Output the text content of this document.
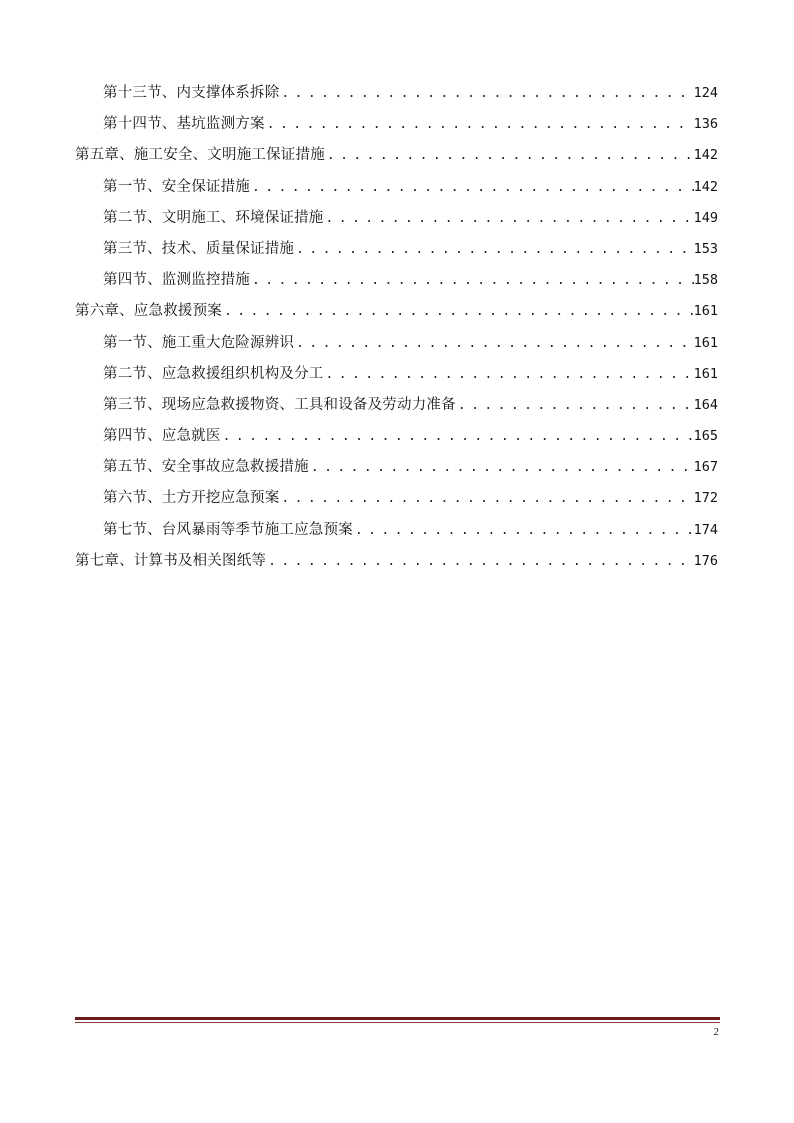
第十三节、内支撑体系拆除 . . .	124
第十四节、基坑监测方案 . . .	136
第五章、施工安全、文明施工保证措施 . . .	142
第一节、安全保证措施 . . .	142
第二节、文明施工、环境保证措施 . . .	149
第三节、技术、质量保证措施 . . .	153
第四节、监测监控措施 . . .	158
第六章、应急救援预案 . . .	161
第一节、施工重大危险源辨识 . . .	161
第二节、应急救援组织机构及分工 . . .	161
第三节、现场应急救援物资、工具和设备及劳动力准备 . . .	164
第四节、应急就医 . . .	165
第五节、安全事故应急救援措施 . . .	167
第六节、土方开挖应急预案 . . .	172
第七节、台风暴雨等季节施工应急预案 . . .	174
第七章、计算书及相关图纸等 . . .	176
2
